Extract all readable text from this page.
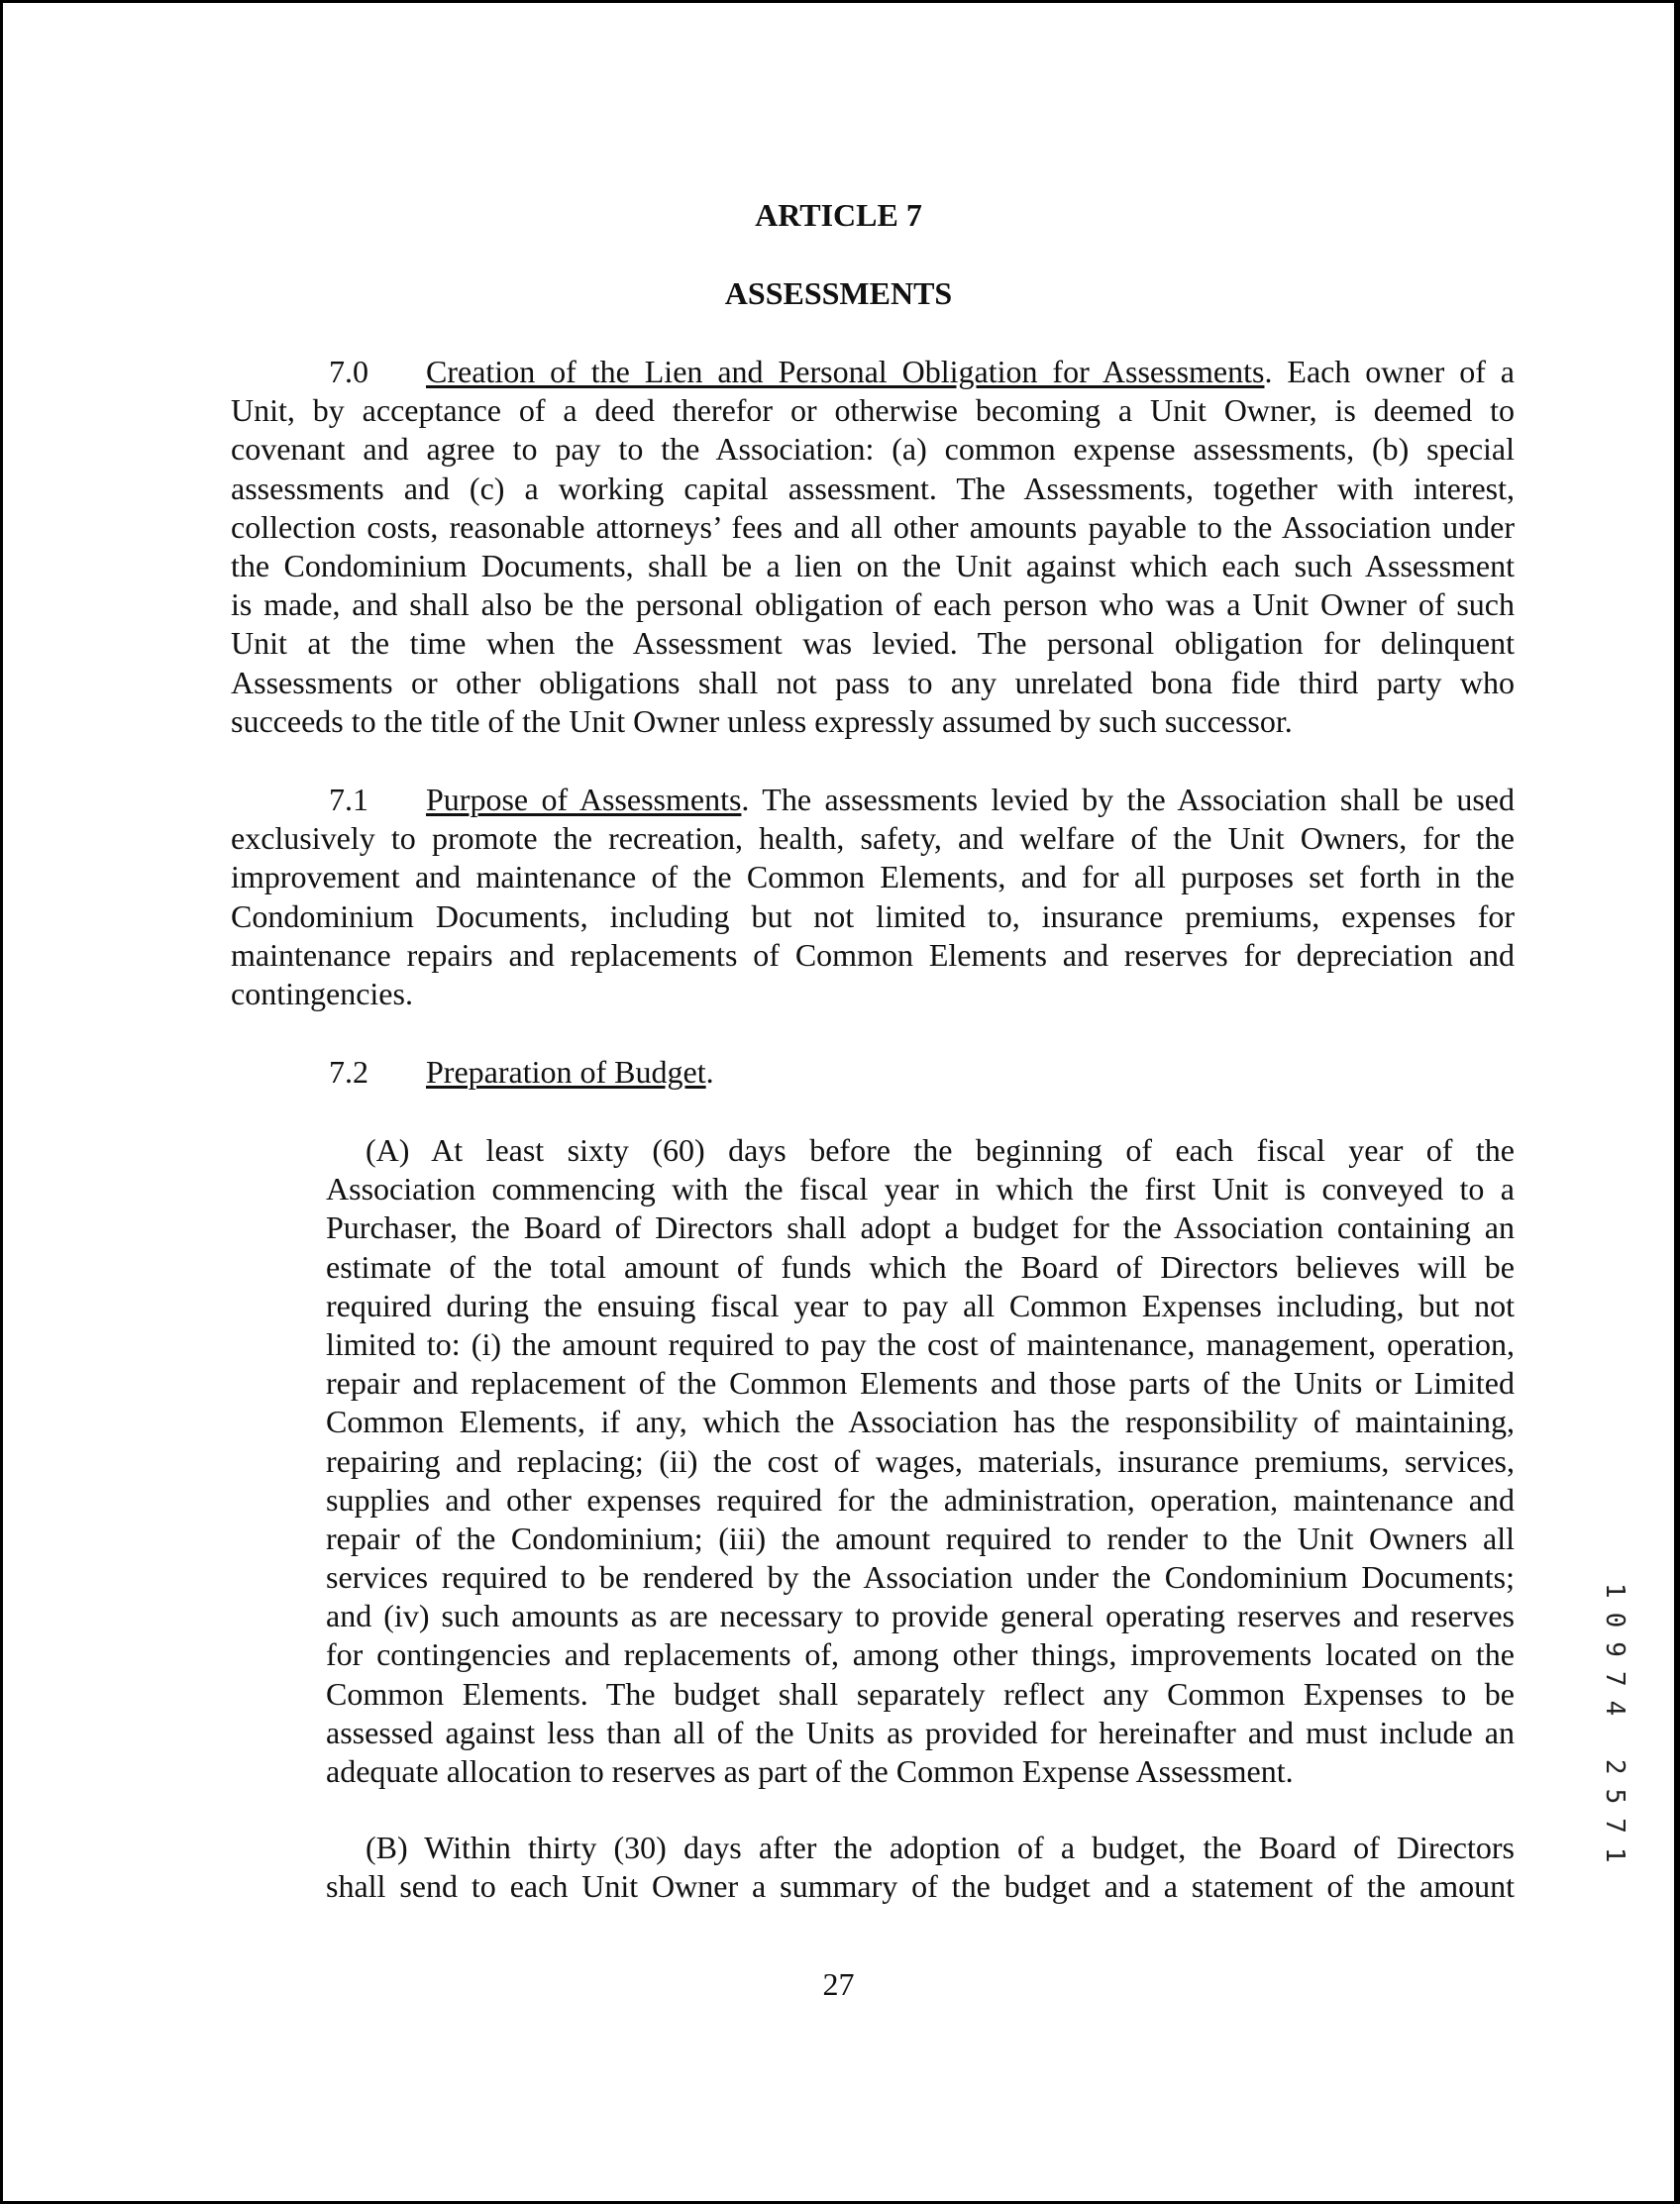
ARTICLE 7
ASSESSMENTS
7.0 Creation of the Lien and Personal Obligation for Assessments. Each owner of a
Unit, by acceptance of a deed therefor or otherwise becoming a Unit Owner, is deemed to
covenant and agree to pay to the Association: (a) common expense assessments, (b) special
assessments and (c) a working capital assessment. The Assessments, together with interest,
collection costs, reasonable attorneys’ fees and all other amounts payable to the Association under
the Condominium Documents, shall be a lien on the Unit against which each such Assessment
is made, and shall also be the personal obligation of each person who was a Unit Owner of such
Unit at the time when the Assessment was levied. The personal obligation for delinquent
Assessments or other obligations shall not pass to any unrelated bona fide third party who
succeeds to the title of the Unit Owner unless expressly assumed by such successor.
7.1 Purpose of Assessments. The assessments levied by the Association shall be used
exclusively to promote the recreation, health, safety, and welfare of the Unit Owners, for the
improvement and maintenance of the Common Elements, and for all purposes set forth in the
Condominium Documents, including but not limited to, insurance premiums, expenses for
maintenance repairs and replacements of Common Elements and reserves for depreciation and
contingencies.
7.2 Preparation of Budget.
(A) At least sixty (60) days before the beginning of each fiscal year of the
Association commencing with the fiscal year in which the first Unit is conveyed to a
Purchaser, the Board of Directors shall adopt a budget for the Association containing an
estimate of the total amount of funds which the Board of Directors believes will be
required during the ensuing fiscal year to pay all Common Expenses including, but not
limited to: (i) the amount required to pay the cost of maintenance, management, operation,
repair and replacement of the Common Elements and those parts of the Units or Limited
Common Elements, if any, which the Association has the responsibility of maintaining,
repairing and replacing; (ii) the cost of wages, materials, insurance premiums, services,
supplies and other expenses required for the administration, operation, maintenance and
repair of the Condominium; (iii) the amount required to render to the Unit Owners all
services required to be rendered by the Association under the Condominium Documents;
and (iv) such amounts as are necessary to provide general operating reserves and reserves
for contingencies and replacements of, among other things, improvements located on the
Common Elements. The budget shall separately reflect any Common Expenses to be
assessed against less than all of the Units as provided for hereinafter and must include an
adequate allocation to reserves as part of the Common Expense Assessment.
(B) Within thirty (30) days after the adoption of a budget, the Board of Directors
shall send to each Unit Owner a summary of the budget and a statement of the amount
27
10974 2571
